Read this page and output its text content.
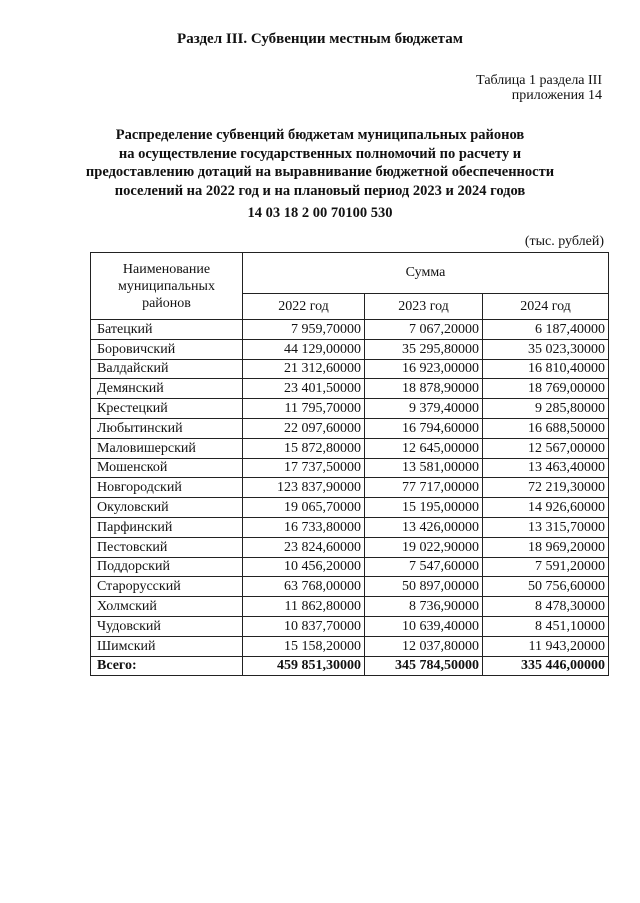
Раздел III. Субвенции местным бюджетам
Таблица 1 раздела III
приложения 14
Распределение субвенций бюджетам муниципальных районов
на осуществление государственных полномочий по расчету и
предоставлению дотаций на выравнивание бюджетной обеспеченности
поселений на 2022 год и на плановый период 2023 и 2024 годов
14 03 18 2 00 70100 530
(тыс. рублей)
Наименование
муниципальных
районов	Сумма		
	2022 год	2023 год	2024 год
Батецкий	7 959,70000	7 067,20000	6 187,40000
Боровичский	44 129,00000	35 295,80000	35 023,30000
Валдайский	21 312,60000	16 923,00000	16 810,40000
Демянский	23 401,50000	18 878,90000	18 769,00000
Крестецкий	11 795,70000	9 379,40000	9 285,80000
Любытинский	22 097,60000	16 794,60000	16 688,50000
Маловишерский	15 872,80000	12 645,00000	12 567,00000
Мошенской	17 737,50000	13 581,00000	13 463,40000
Новгородский	123 837,90000	77 717,00000	72 219,30000
Окуловский	19 065,70000	15 195,00000	14 926,60000
Парфинский	16 733,80000	13 426,00000	13 315,70000
Пестовский	23 824,60000	19 022,90000	18 969,20000
Поддорский	10 456,20000	7 547,60000	7 591,20000
Старорусский	63 768,00000	50 897,00000	50 756,60000
Холмский	11 862,80000	8 736,90000	8 478,30000
Чудовский	10 837,70000	10 639,40000	8 451,10000
Шимский	15 158,20000	12 037,80000	11 943,20000
Всего:	459 851,30000	345 784,50000	335 446,00000
